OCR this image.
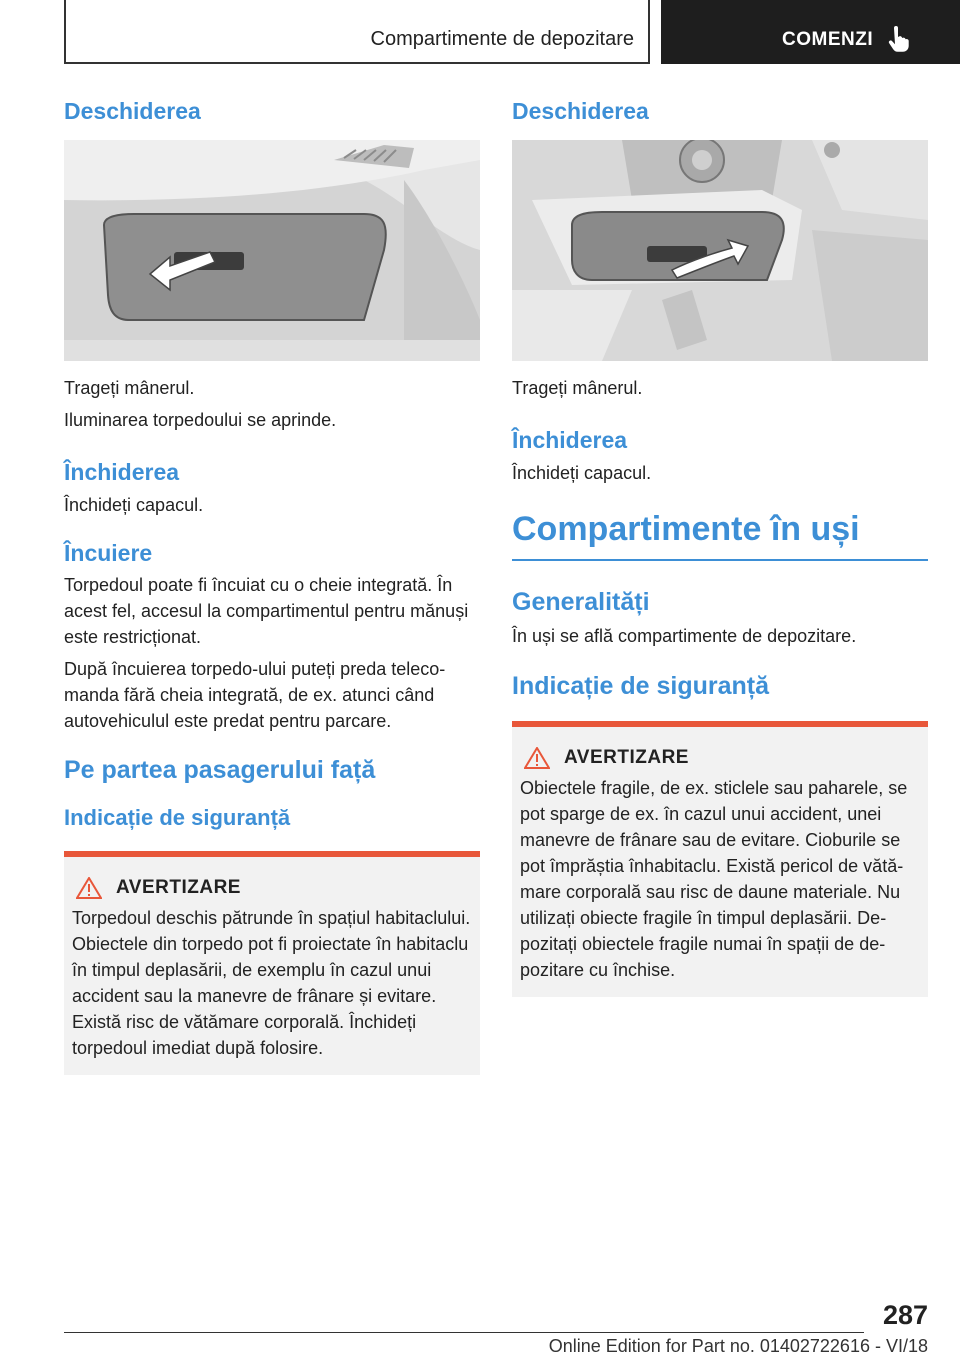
Compartimente de depozitare	COMENZI
Deschiderea

Trageți mânerul.

Iluminarea torpedoului se aprinde.

Închiderea

Închideți capacul.

Încuiere

Torpedoul poate fi încuiat cu o cheie integrată. În acest fel, accesul la compartimentul pentru mănuși este restricționat.

După încuierea torpedo-ului puteți preda telecomanda fără cheia integrată, de ex. atunci când autovehiculul este predat pentru parcare.

Pe partea pasagerului față
Indicație de siguranță
AVERTIZARE

Torpedoul deschis pătrunde în spațiul habitaclului. Obiectele din torpedo pot fi proiectate în habitaclu în timpul deplasării, de exemplu în cazul unui accident sau la manevre de frânare și evitare. Există risc de vătămare corporală. Închideți torpedoul imediat după folosire.

Deschiderea

Trageți mânerul.

Închiderea

Închideți capacul.

Compartimente în uși
Generalități

În uși se află compartimente de depozitare.

Indicație de siguranță
AVERTIZARE

Obiectele fragile, de ex. sticlele sau paharele, se pot sparge de ex. în cazul unui accident, unei manevre de frânare sau de evitare. Cioburile se pot împrăștia înhabitaclu. Există pericol de vătămare corporală sau risc de daune materiale. Nu utilizați obiecte fragile în timpul deplasării. Depozitați obiectele fragile numai în spații de depozitare cu închise.

287
Online Edition for Part no. 01402722616 - VI/18
